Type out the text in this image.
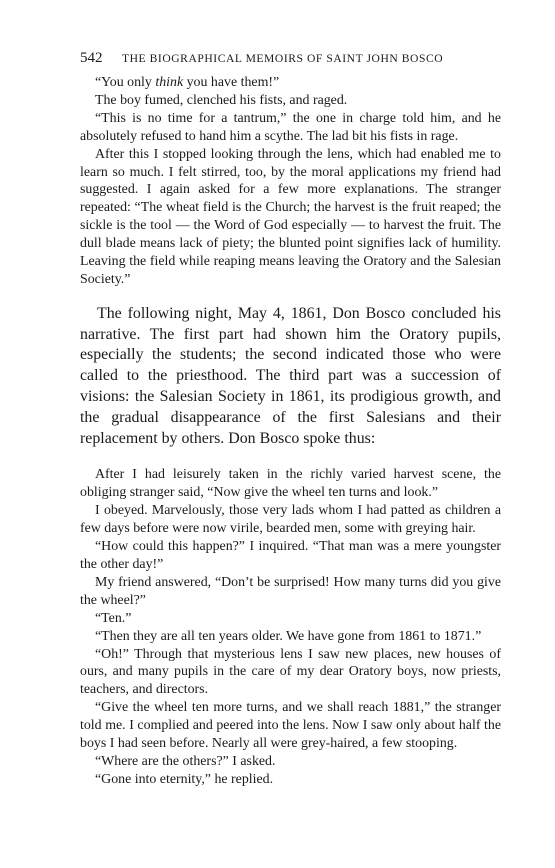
542	THE BIOGRAPHICAL MEMOIRS OF SAINT JOHN BOSCO

“You only think you have them!”

The boy fumed, clenched his fists, and raged.

“This is no time for a tantrum,” the one in charge told him, and he absolutely refused to hand him a scythe. The lad bit his fists in rage.

After this I stopped looking through the lens, which had enabled me to learn so much. I felt stirred, too, by the moral applications my friend had suggested. I again asked for a few more explanations. The stranger repeated: “The wheat field is the Church; the harvest is the fruit reaped; the sickle is the tool — the Word of God especially — to harvest the fruit. The dull blade means lack of piety; the blunted point signifies lack of humility. Leaving the field while reaping means leaving the Oratory and the Salesian Society.”

The following night, May 4, 1861, Don Bosco concluded his narrative. The first part had shown him the Oratory pupils, especially the students; the second indicated those who were called to the priesthood. The third part was a succession of visions: the Salesian Society in 1861, its prodigious growth, and the gradual disappearance of the first Salesians and their replacement by others. Don Bosco spoke thus:

After I had leisurely taken in the richly varied harvest scene, the obliging stranger said, “Now give the wheel ten turns and look.”

I obeyed. Marvelously, those very lads whom I had patted as children a few days before were now virile, bearded men, some with greying hair.

“How could this happen?” I inquired. “That man was a mere youngster the other day!”

My friend answered, “Don’t be surprised! How many turns did you give the wheel?”

“Ten.”

“Then they are all ten years older. We have gone from 1861 to 1871.”

“Oh!” Through that mysterious lens I saw new places, new houses of ours, and many pupils in the care of my dear Oratory boys, now priests, teachers, and directors.

“Give the wheel ten more turns, and we shall reach 1881,” the stranger told me. I complied and peered into the lens. Now I saw only about half the boys I had seen before. Nearly all were grey-haired, a few stooping.

“Where are the others?” I asked.

“Gone into eternity,” he replied.
